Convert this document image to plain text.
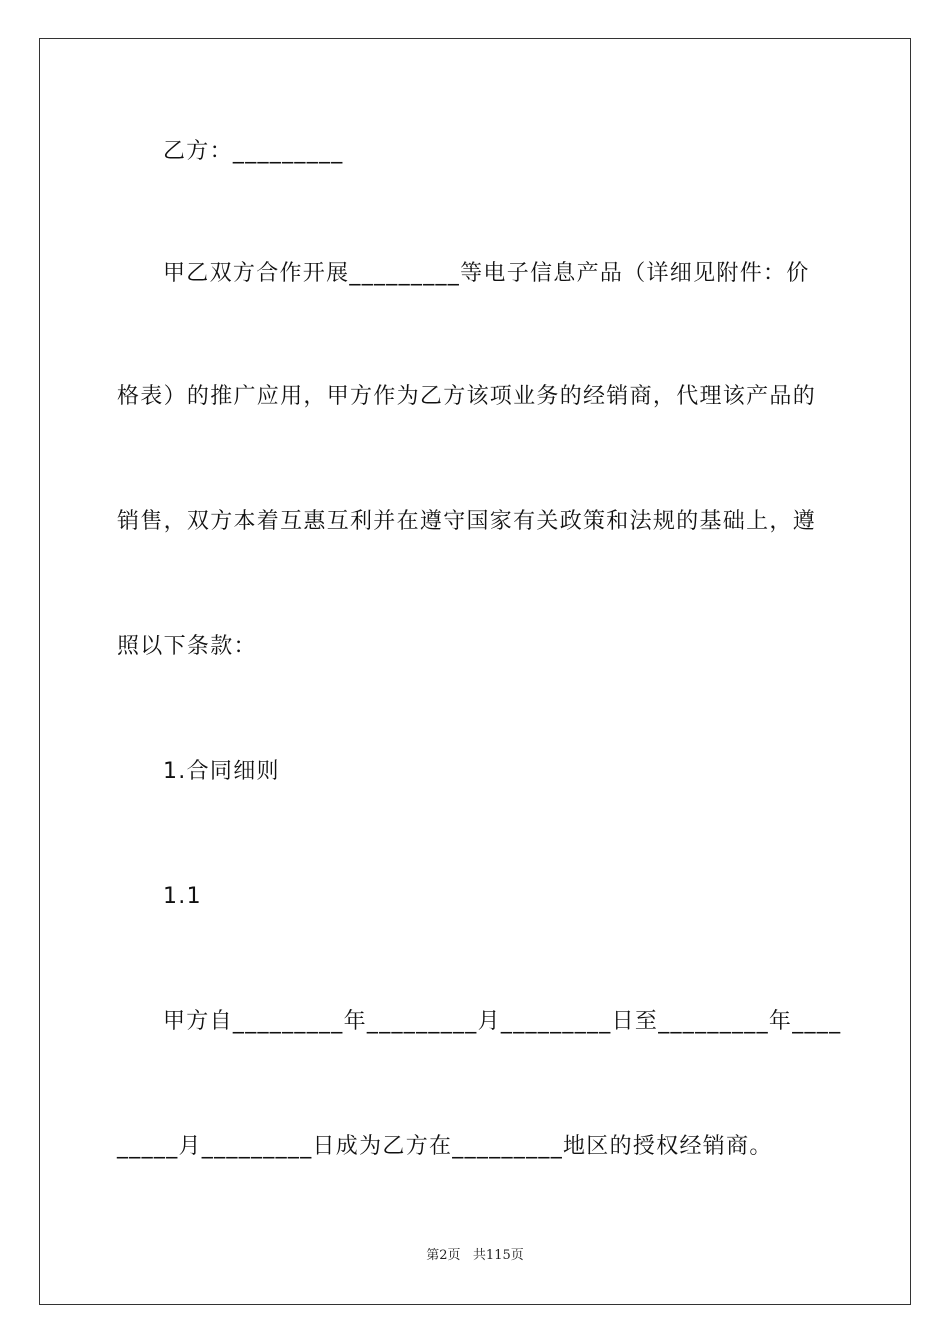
乙方：_________
甲乙双方合作开展_________等电子信息产品（详细见附件：价
格表）的推广应用，甲方作为乙方该项业务的经销商，代理该产品的
销售，双方本着互惠互利并在遵守国家有关政策和法规的基础上，遵
照以下条款：
1.合同细则
1.1
甲方自_________年_________月_________日至_________年____
_____月_________日成为乙方在_________地区的授权经销商。
第2页   共115页
